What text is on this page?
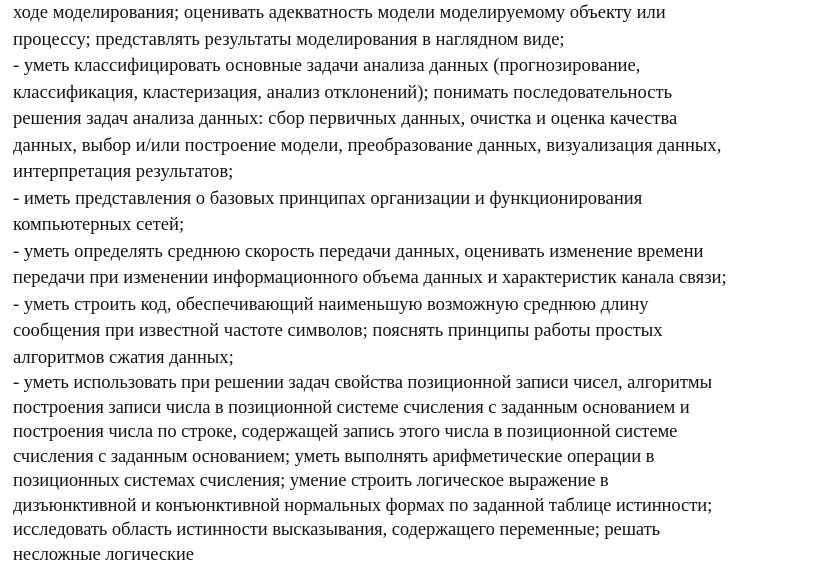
ходе моделирования; оценивать адекватность модели моделируемому объекту или
процессу; представлять результаты моделирования в наглядном виде;
- уметь классифицировать основные задачи анализа данных (прогнозирование,
классификация, кластеризация, анализ отклонений); понимать последовательность
решения задач анализа данных: сбор первичных данных, очистка и оценка качества
данных, выбор и/или построение модели, преобразование данных, визуализация данных,
интерпретация результатов;
- иметь представления о базовых принципах организации и функционирования
компьютерных сетей;
- уметь определять среднюю скорость передачи данных, оценивать изменение времени
передачи при изменении информационного объема данных и характеристик канала связи;
- уметь строить код, обеспечивающий наименьшую возможную среднюю длину
сообщения при известной частоте символов; пояснять принципы работы простых
алгоритмов сжатия данных;
- уметь использовать при решении задач свойства позиционной записи чисел, алгоритмы
построения записи числа в позиционной системе счисления с заданным основанием и
построения числа по строке, содержащей запись этого числа в позиционной системе
счисления с заданным основанием; уметь выполнять арифметические операции в
позиционных системах счисления; умение строить логическое выражение в
дизъюнктивной и конъюнктивной нормальных формах по заданной таблице истинности;
исследовать область истинности высказывания, содержащего переменные; решать
несложные логические
